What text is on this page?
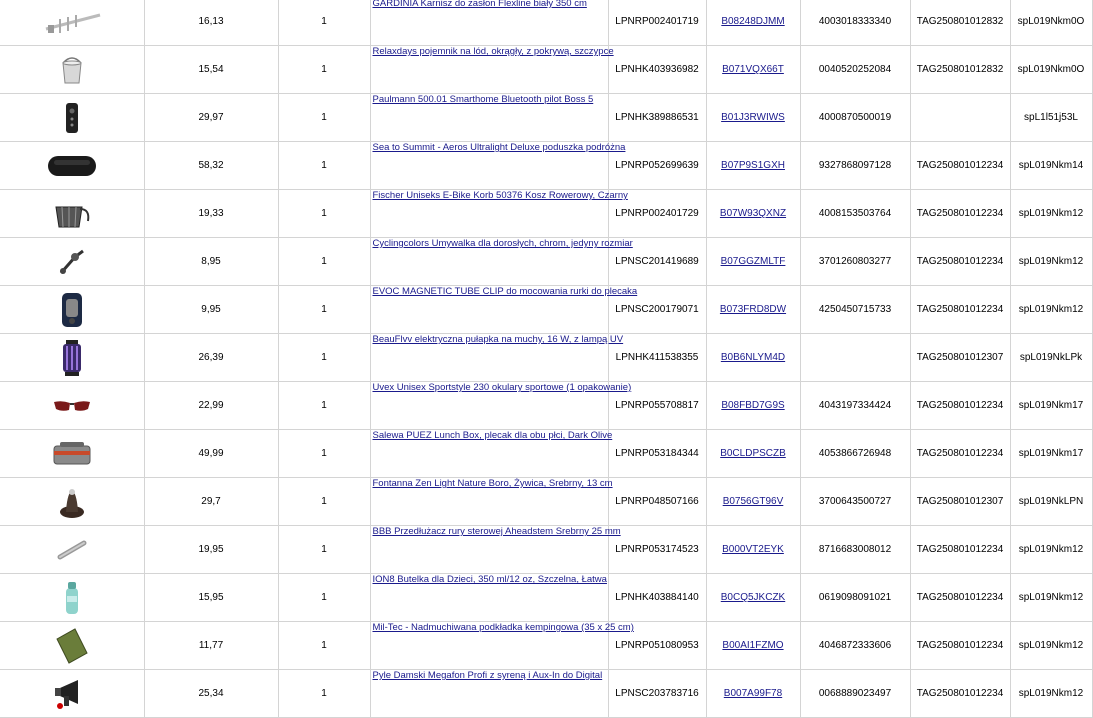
	16,13	1	GARDINIA Karnisz do zasłon Flexline biały 350 cm	LPNRP002401719	B08248DJMM	4003018333340	TAG250801012832	spL019Nkm0O

	15,54	1	Relaxdays pojemnik na lód, okrągły, z pokrywą, szczypce	LPNHK403936982	B071VQX66T	0040520252084	TAG250801012832	spL019Nkm0O

	29,97	1	Paulmann 500.01 Smarthome Bluetooth pilot Boss 5	LPNHK389886531	B01J3RWIWS	4000870500019		spL1l51j53L

	58,32	1	Sea to Summit - Aeros Ultralight Deluxe poduszka podróżna	LPNRP052699639	B07P9S1GXH	9327868097128	TAG250801012234	spL019Nkm14

	19,33	1	Fischer Uniseks E-Bike Korb 50376 Kosz Rowerowy, Czarny	LPNRP002401729	B07W93QXNZ	4008153503764	TAG250801012234	spL019Nkm12

	8,95	1	Cyclingcolors Umywalka dla dorosłych, chrom, jedyny rozmiar	LPNSC201419689	B07GGZMLTF	3701260803277	TAG250801012234	spL019Nkm12

	9,95	1	EVOC MAGNETIC TUBE CLIP do mocowania rurki do plecaka	LPNSC200179071	B073FRD8DW	4250450715733	TAG250801012234	spL019Nkm12

	26,39	1	BeauFlvv elektryczna pułapka na muchy, 16 W, z lampą UV	LPNHK411538355	B0B6NLYM4D		TAG250801012307	spL019NkLPk

	22,99	1	Uvex Unisex Sportstyle 230 okulary sportowe (1 opakowanie)	LPNRP055708817	B08FBD7G9S	4043197334424	TAG250801012234	spL019Nkm17

	49,99	1	Salewa PUEZ Lunch Box, plecak dla obu płci, Dark Olive	LPNRP053184344	B0CLDPSCZB	4053866726948	TAG250801012234	spL019Nkm17

	29,7	1	Fontanna Zen Light Nature Boro, Żywica, Srebrny, 13 cm	LPNRP048507166	B0756GT96V	3700643500727	TAG250801012307	spL019NkLPN

	19,95	1	BBB Przedłużacz rury sterowej Aheadstem Srebrny 25 mm	LPNRP053174523	B000VT2EYK	8716683008012	TAG250801012234	spL019Nkm12

	15,95	1	ION8 Butelka dla Dzieci, 350 ml/12 oz, Szczelna, Łatwa	LPNHK403884140	B0CQ5JKCZK	0619098091021	TAG250801012234	spL019Nkm12

	11,77	1	Mil-Tec - Nadmuchiwana podkładka kempingowa (35 x 25 cm)	LPNRP051080953	B00AI1FZMO	4046872333606	TAG250801012234	spL019Nkm12

	25,34	1	Pyle Damski Megafon Profi z syreną i Aux-In do Digital	LPNSC203783716	B007A99F78	0068889023497	TAG250801012234	spL019Nkm12
